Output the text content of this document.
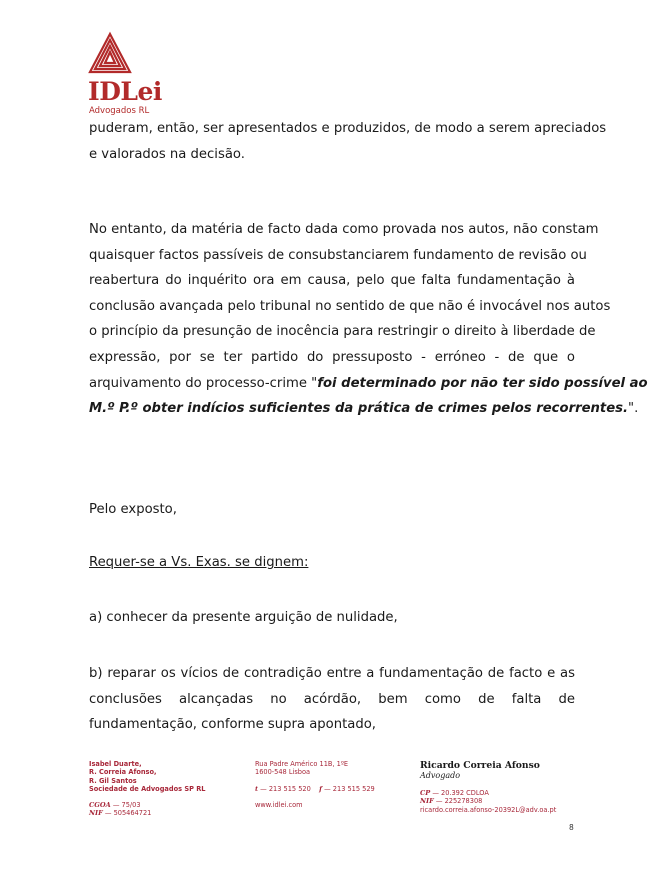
IDLei
Advogados RL
puderam, então, ser apresentados e produzidos, de modo a serem apreciados
e valorados na decisão.
No entanto, da matéria de facto dada como provada nos autos, não constam
quaisquer factos passíveis de consubstanciarem fundamento de revisão ou
reabertura do inquérito ora em causa, pelo que falta fundamentação à
conclusão avançada pelo tribunal no sentido de que não é invocável nos autos
o princípio da presunção de inocência para restringir o direito à liberdade de
expressão, por se ter partido do pressuposto - erróneo - de que o
arquivamento do processo-crime "foi determinado por não ter sido possível ao
M.º P.º obter indícios suficientes da prática de crimes pelos recorrentes.".
Pelo exposto,
Requer-se a Vs. Exas. se dignem:
a) conhecer da presente arguição de nulidade,
b) reparar os vícios de contradição entre a fundamentação de facto e as
conclusões alcançadas no acórdão, bem como de falta de
fundamentação, conforme supra apontado,
Isabel Duarte,
R. Correia Afonso,
R. Gil Santos
Sociedade de Advogados SP RL
CGOA — 75/03
NIF — 505464721
Rua Padre Américo 11B, 1ºE
1600-548 Lisboa
t — 213 515 520 f — 213 515 529
www.idlei.com
Ricardo Correia Afonso
Advogado
CP — 20.392 CDLOA
NIF — 225278308
ricardo.correia.afonso-20392L@adv.oa.pt
8
